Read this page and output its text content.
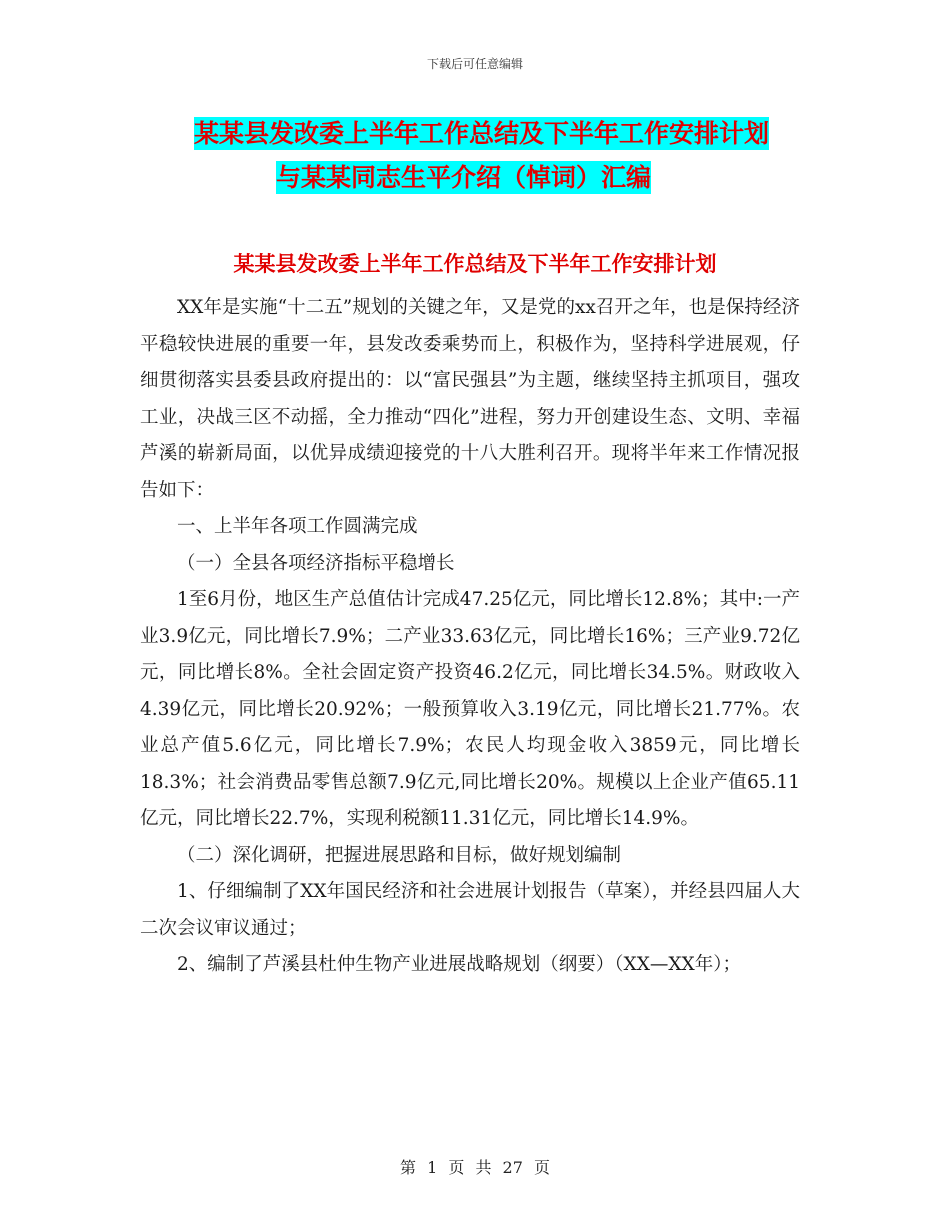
下载后可任意编辑
某某县发改委上半年工作总结及下半年工作安排计划
与某某同志生平介绍（悼词）汇编
某某县发改委上半年工作总结及下半年工作安排计划

XX年是实施“十二五”规划的关键之年，又是党的xx召开之年，也是保持经济平稳较快进展的重要一年，县发改委乘势而上，积极作为，坚持科学进展观，仔细贯彻落实县委县政府提出的：以“富民强县”为主题，继续坚持主抓项目，强攻工业，决战三区不动摇，全力推动“四化”进程，努力开创建设生态、文明、幸福芦溪的崭新局面，以优异成绩迎接党的十八大胜利召开。现将半年来工作情况报告如下：

一、上半年各项工作圆满完成

（一）全县各项经济指标平稳增长

1至6月份，地区生产总值估计完成47.25亿元，同比增长12.8%；其中:一产业3.9亿元，同比增长7.9%；二产业33.63亿元，同比增长16%；三产业9.72亿元，同比增长8%。全社会固定资产投资46.2亿元，同比增长34.5%。财政收入4.39亿元，同比增长20.92%；一般预算收入3.19亿元，同比增长21.77%。农业总产值5.6亿元，同比增长7.9%；农民人均现金收入3859元，同比增长18.3%；社会消费品零售总额7.9亿元,同比增长20%。规模以上企业产值65.11亿元，同比增长22.7%，实现利税额11.31亿元，同比增长14.9%。

（二）深化调研，把握进展思路和目标，做好规划编制

1、仔细编制了XX年国民经济和社会进展计划报告（草案），并经县四届人大二次会议审议通过；

2、编制了芦溪县杜仲生物产业进展战略规划（纲要）（XX—XX年）；

第 1 页 共 27 页
